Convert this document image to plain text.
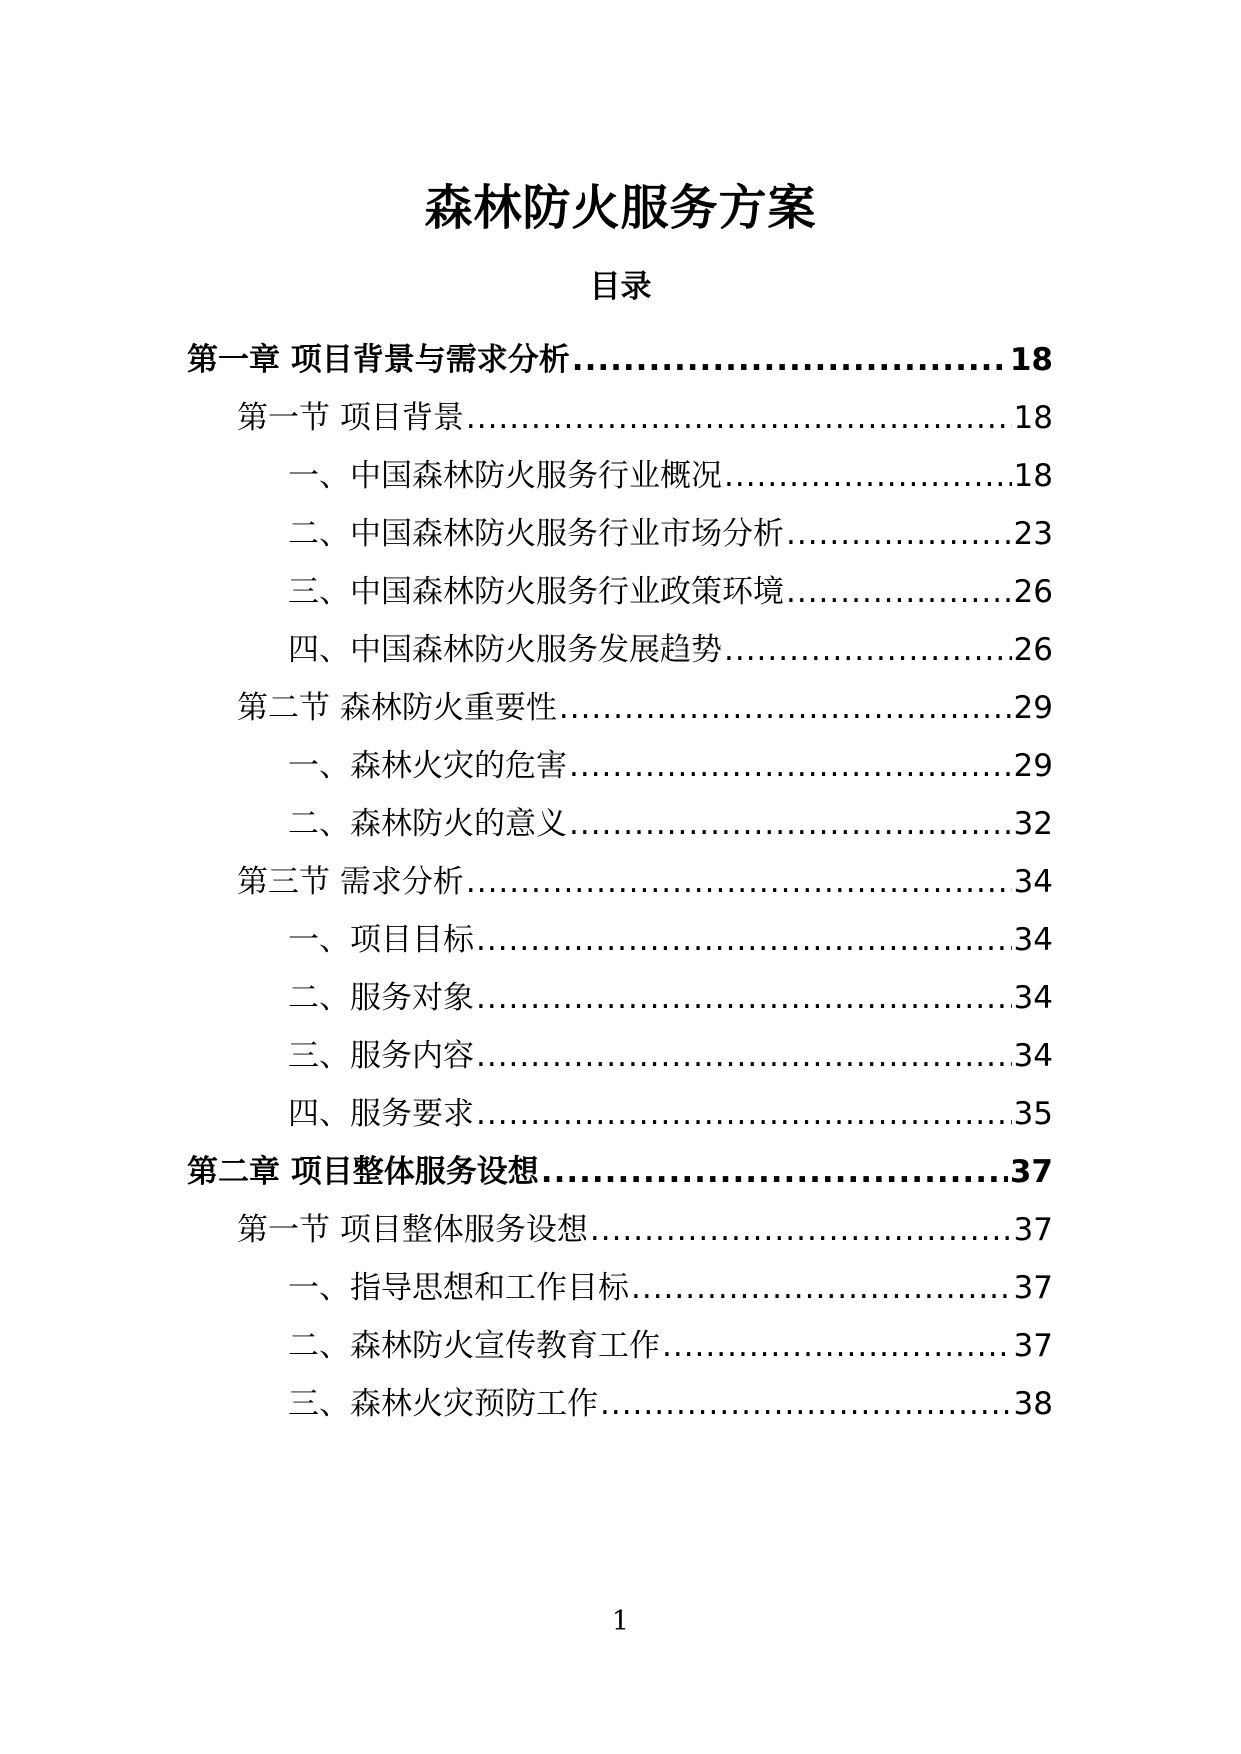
森林防火服务方案
目录
第一章 项目背景与需求分析 .....	18
第一节 项目背景 .....	18
一、中国森林防火服务行业概况 .....	18
二、中国森林防火服务行业市场分析 .....	23
三、中国森林防火服务行业政策环境 .....	26
四、中国森林防火服务发展趋势 .....	26
第二节 森林防火重要性 .....	29
一、森林火灾的危害 .....	29
二、森林防火的意义 .....	32
第三节 需求分析 .....	34
一、项目目标 .....	34
二、服务对象 .....	34
三、服务内容 .....	34
四、服务要求 .....	35
第二章 项目整体服务设想 .....	37
第一节 项目整体服务设想 .....	37
一、指导思想和工作目标 .....	37
二、森林防火宣传教育工作 .....	37
三、森林火灾预防工作 .....	38
1
